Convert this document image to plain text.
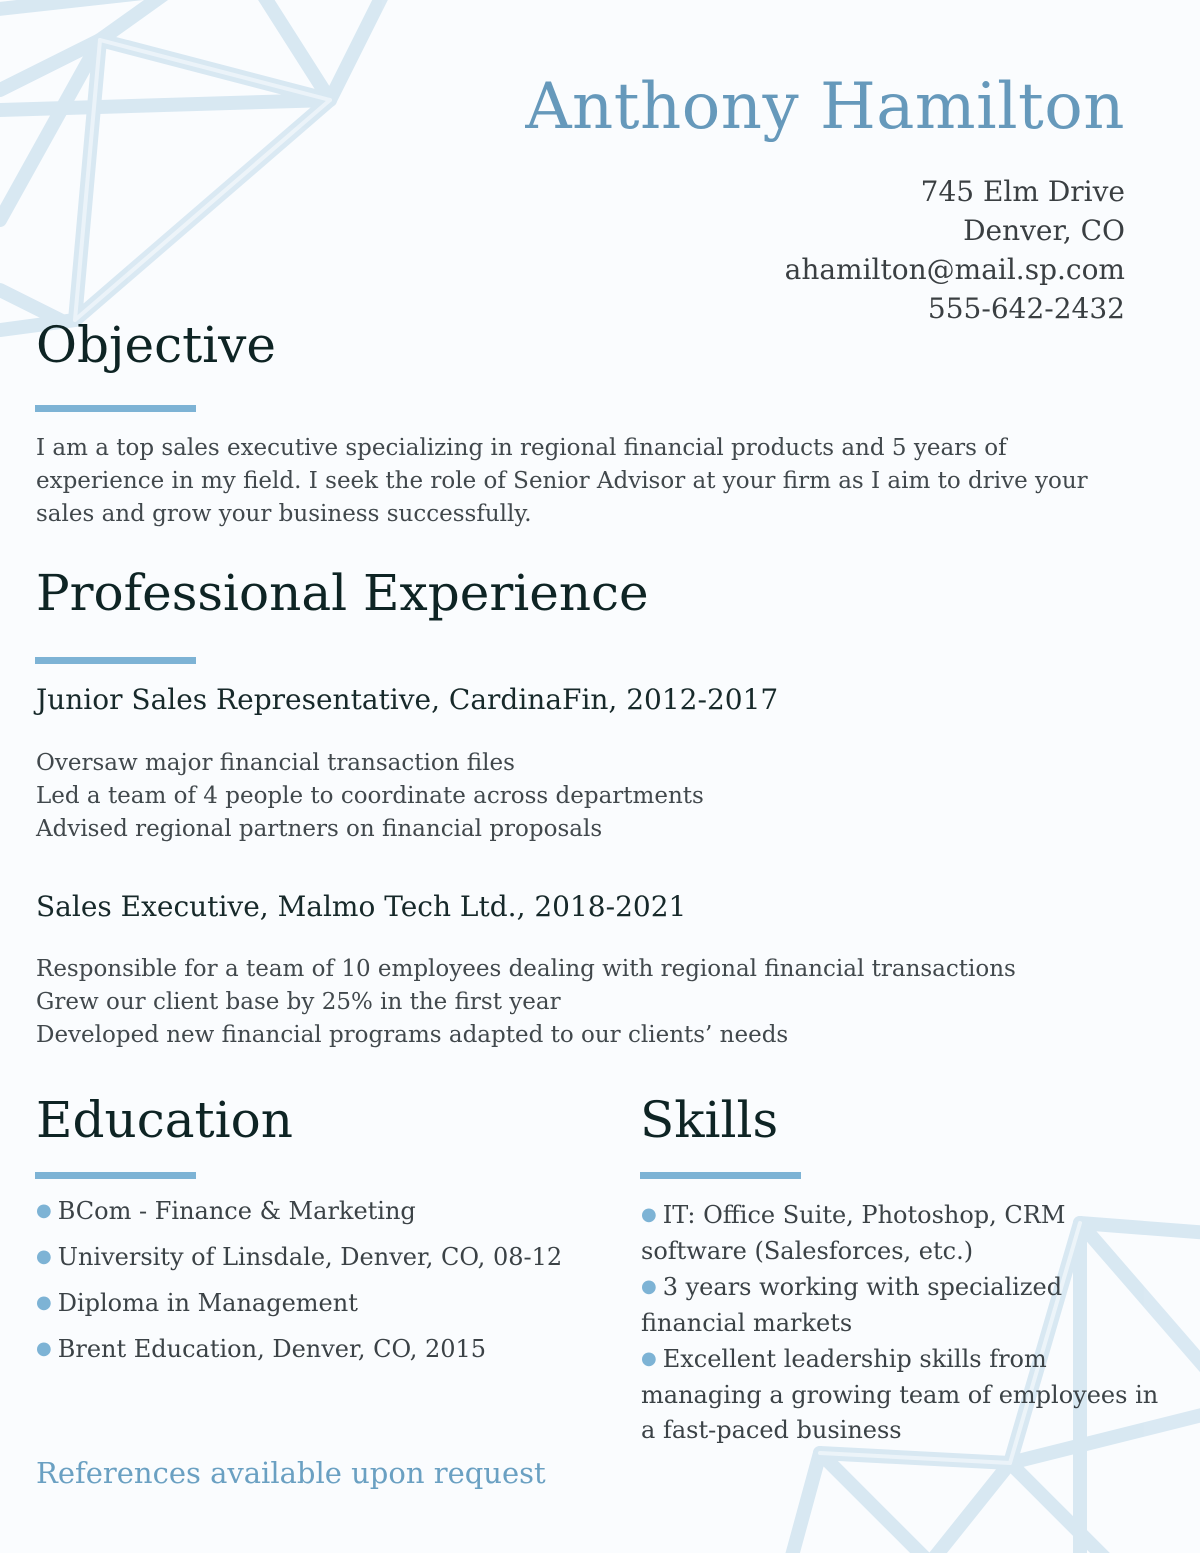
Anthony Hamilton
745 Elm Drive
Denver, CO
ahamilton@mail.sp.com
555-642-2432
Objective
I am a top sales executive specializing in regional financial products and 5 years of experience in my field. I seek the role of Senior Advisor at your firm as I aim to drive your sales and grow your business successfully.
Professional Experience
Junior Sales Representative, CardinaFin, 2012-2017
Oversaw major financial transaction files
Led a team of 4 people to coordinate across departments
Advised regional partners on financial proposals
Sales Executive, Malmo Tech Ltd., 2018-2021
Responsible for a team of 10 employees dealing with regional financial transactions
Grew our client base by 25% in the first year
Developed new financial programs adapted to our clients’ needs
Education
● BCom - Finance & Marketing
● University of Linsdale, Denver, CO, 08-12
● Diploma in Management
● Brent Education, Denver, CO, 2015
Skills
● IT: Office Suite, Photoshop, CRM software (Salesforces, etc.)
● 3 years working with specialized financial markets
● Excellent leadership skills from managing a growing team of employees in a fast-paced business
References available upon request
